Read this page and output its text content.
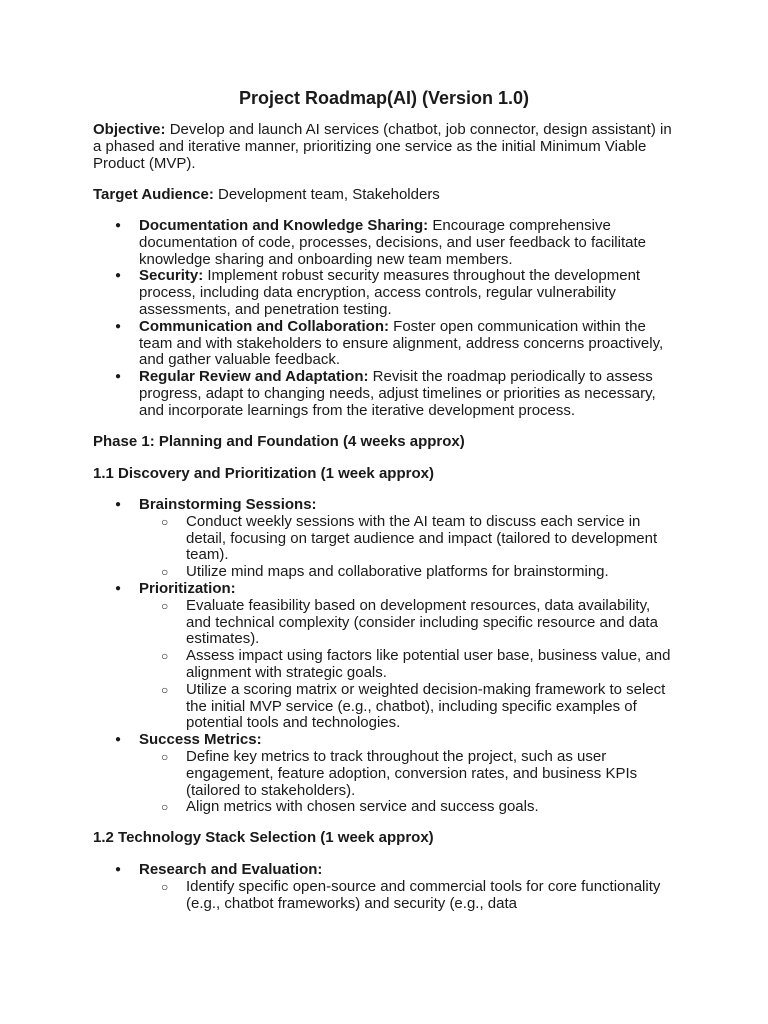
Project Roadmap(AI) (Version 1.0)

Objective: Develop and launch AI services (chatbot, job connector, design assistant) in a phased and iterative manner, prioritizing one service as the initial Minimum Viable Product (MVP).

Target Audience: Development team, Stakeholders

● Documentation and Knowledge Sharing: Encourage comprehensive documentation of code, processes, decisions, and user feedback to facilitate knowledge sharing and onboarding new team members.
● Security: Implement robust security measures throughout the development process, including data encryption, access controls, regular vulnerability assessments, and penetration testing.
● Communication and Collaboration: Foster open communication within the team and with stakeholders to ensure alignment, address concerns proactively, and gather valuable feedback.
● Regular Review and Adaptation: Revisit the roadmap periodically to assess progress, adapt to changing needs, adjust timelines or priorities as necessary, and incorporate learnings from the iterative development process.

Phase 1: Planning and Foundation (4 weeks approx)

1.1 Discovery and Prioritization (1 week approx)

● Brainstorming Sessions:
○ Conduct weekly sessions with the AI team to discuss each service in detail, focusing on target audience and impact (tailored to development team).
○ Utilize mind maps and collaborative platforms for brainstorming.
● Prioritization:
○ Evaluate feasibility based on development resources, data availability, and technical complexity (consider including specific resource and data estimates).
○ Assess impact using factors like potential user base, business value, and alignment with strategic goals.
○ Utilize a scoring matrix or weighted decision-making framework to select the initial MVP service (e.g., chatbot), including specific examples of potential tools and technologies.
● Success Metrics:
○ Define key metrics to track throughout the project, such as user engagement, feature adoption, conversion rates, and business KPIs (tailored to stakeholders).
○ Align metrics with chosen service and success goals.

1.2 Technology Stack Selection (1 week approx)

● Research and Evaluation:
○ Identify specific open-source and commercial tools for core functionality (e.g., chatbot frameworks) and security (e.g., data
